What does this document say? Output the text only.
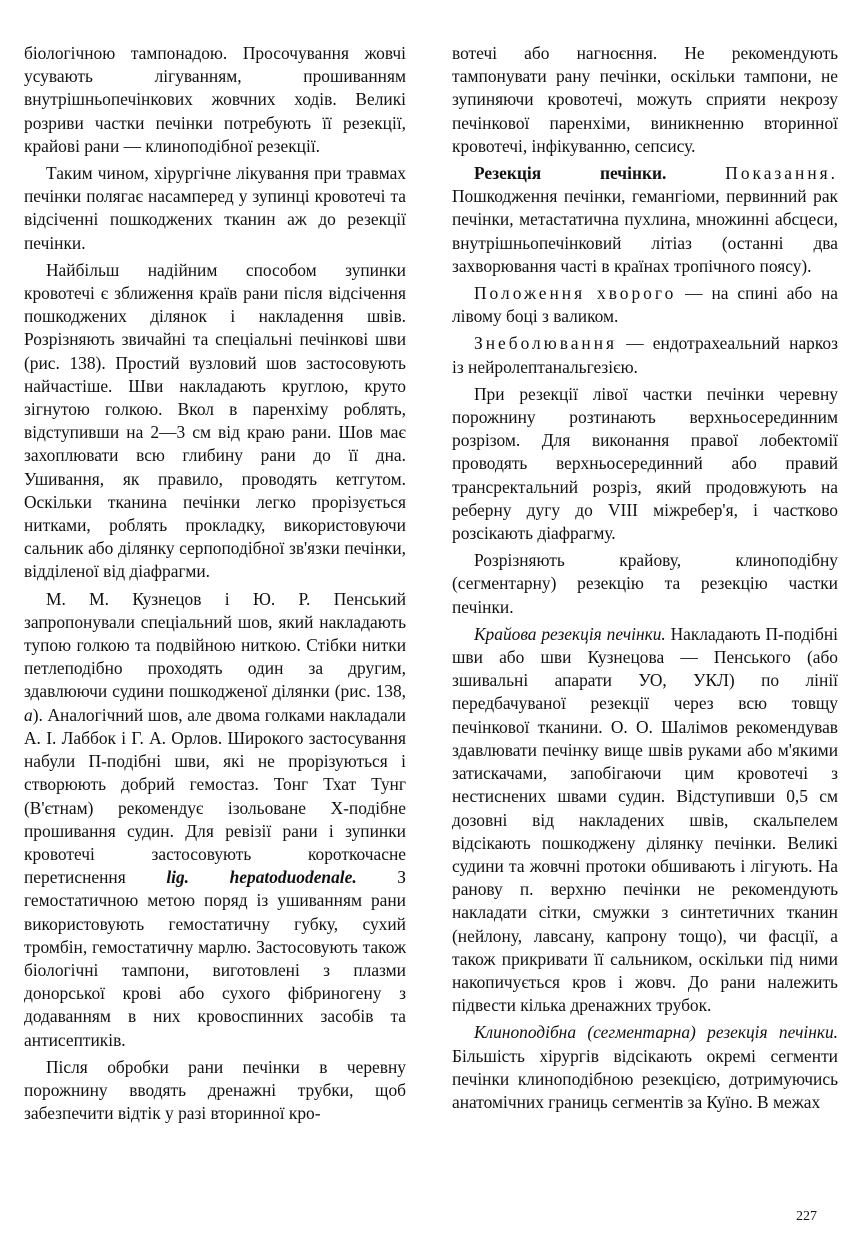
біологічною тампонадою. Просочування жовчі усувають лігуванням, прошиванням внутрішньопечінкових жовчних ходів. Великі розриви частки печінки потребують її резекції, крайові рани — клиноподібної резекції.

Таким чином, хірургічне лікування при травмах печінки полягає насамперед у зупинці кровотечі та відсіченні пошкоджених тканин аж до резекції печінки.

Найбільш надійним способом зупинки кровотечі є зближення країв рани після відсічення пошкоджених ділянок і накладення швів. Розрізняють звичайні та спеціальні печінкові шви (рис. 138). Простий вузловий шов застосовують найчастіше. Шви накладають круглою, круто зігнутою голкою. Вкол в паренхіму роблять, відступивши на 2—3 см від краю рани. Шов має захоплювати всю глибину рани до її дна. Ушивання, як правило, проводять кетгутом. Оскільки тканина печінки легко прорізується нитками, роблять прокладку, використовуючи сальник або ділянку серпоподібної зв'язки печінки, відділеної від діафрагми.

М. М. Кузнецов і Ю. Р. Пенський запропонували спеціальний шов, який накладають тупою голкою та подвійною ниткою. Стібки нитки петлеподібно проходять один за другим, здавлюючи судини пошкодженої ділянки (рис. 138, а). Аналогічний шов, але двома голками накладали А. І. Лаббок і Г. А. Орлов. Широкого застосування набули П-подібні шви, які не прорізуються і створюють добрий гемостаз. Тонг Тхат Тунг (В'єтнам) рекомендує ізольоване Х-подібне прошивання судин. Для ревізії рани і зупинки кровотечі застосовують короткочасне перетиснення lig. hepatoduodenale. З гемостатичною метою поряд із ушиванням рани використовують гемостатичну губку, сухий тромбін, гемостатичну марлю. Застосовують також біологічні тампони, виготовлені з плазми донорської крові або сухого фібриногену з додаванням в них кровоспинних засобів та антисептиків.

Після обробки рани печінки в черевну порожнину вводять дренажні трубки, щоб забезпечити відтік у разі вторинної кро-

вотечі або нагноєння. Не рекомендують тампонувати рану печінки, оскільки тампони, не зупиняючи кровотечі, можуть сприяти некрозу печінкової паренхіми, виникненню вторинної кровотечі, інфікуванню, сепсису.

Резекція печінки.	Показання. Пошкодження печінки, гемангіоми, первинний рак печінки, метастатична пухлина, множинні абсцеси, внутрішньопечінковий літіаз (останні два захворювання часті в країнах тропічного поясу).

Положення хворого — на спині або на лівому боці з валиком.

Знеболювання — ендотрахеальний наркоз із нейролептанальгезією.

При резекції лівої частки печінки черевну порожнину розтинають верхньосерединним розрізом. Для виконання правої лобектомії проводять верхньосерединний або правий трансректальний розріз, який продовжують на реберну дугу до VIII міжребер'я, і частково розсікають діафрагму.

Розрізняють крайову, клиноподібну (сегментарну) резекцію та резекцію частки печінки.

Крайова резекція печінки. Накладають П-подібні шви або шви Кузнецова — Пенського (або зшивальні апарати УО, УКЛ) по лінії передбачуваної резекції через всю товщу печінкової тканини. О. О. Шалімов рекомендував здавлювати печінку вище швів руками або м'якими затискачами, запобігаючи цим кровотечі з нестиснених швами судин. Відступивши 0,5 см дозовні від накладених швів, скальпелем відсікають пошкоджену ділянку печінки. Великі судини та жовчні протоки обшивають і лігують. На ранову п. верхню печінки не рекомендують накладати сітки, смужки з синтетичних тканин (нейлону, лавсану, капрону тощо), чи фасції, а також прикривати її сальником, оскільки під ними накопичується кров і жовч. До рани належить підвести кілька дренажних трубок.

Клиноподібна (сегментарна) резекція печінки. Більшість хірургів відсікають окремі сегменти печінки клиноподібною резекцією, дотримуючись анатомічних границь сегментів за Куїно. В межах

227
